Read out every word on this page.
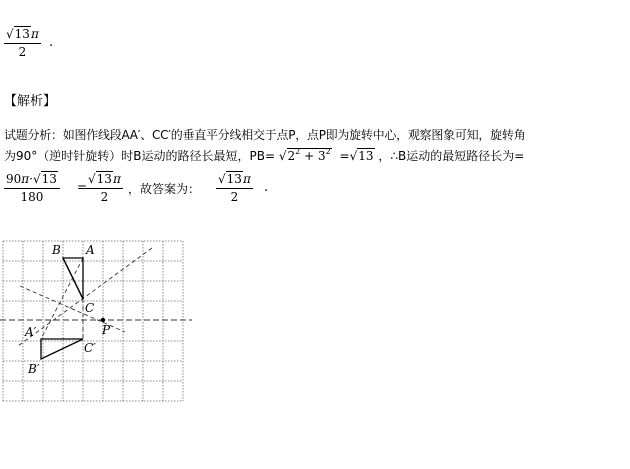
√13π
2
.
【解析】
试题分析：如图作线段AA′、CC′的垂直平分线相交于点P，点P即为旋转中心，观察图象可知，旋转角
为90°（逆时针旋转）时B运动的路径长最短，$PB= √2^2 + 3^2 =√13$ ，∴B运动的最短路径长为=
90π·√13
180
=
√13π
2
，故答案为：
√13π
2
.
B A
C
A′	P
C′
B′
